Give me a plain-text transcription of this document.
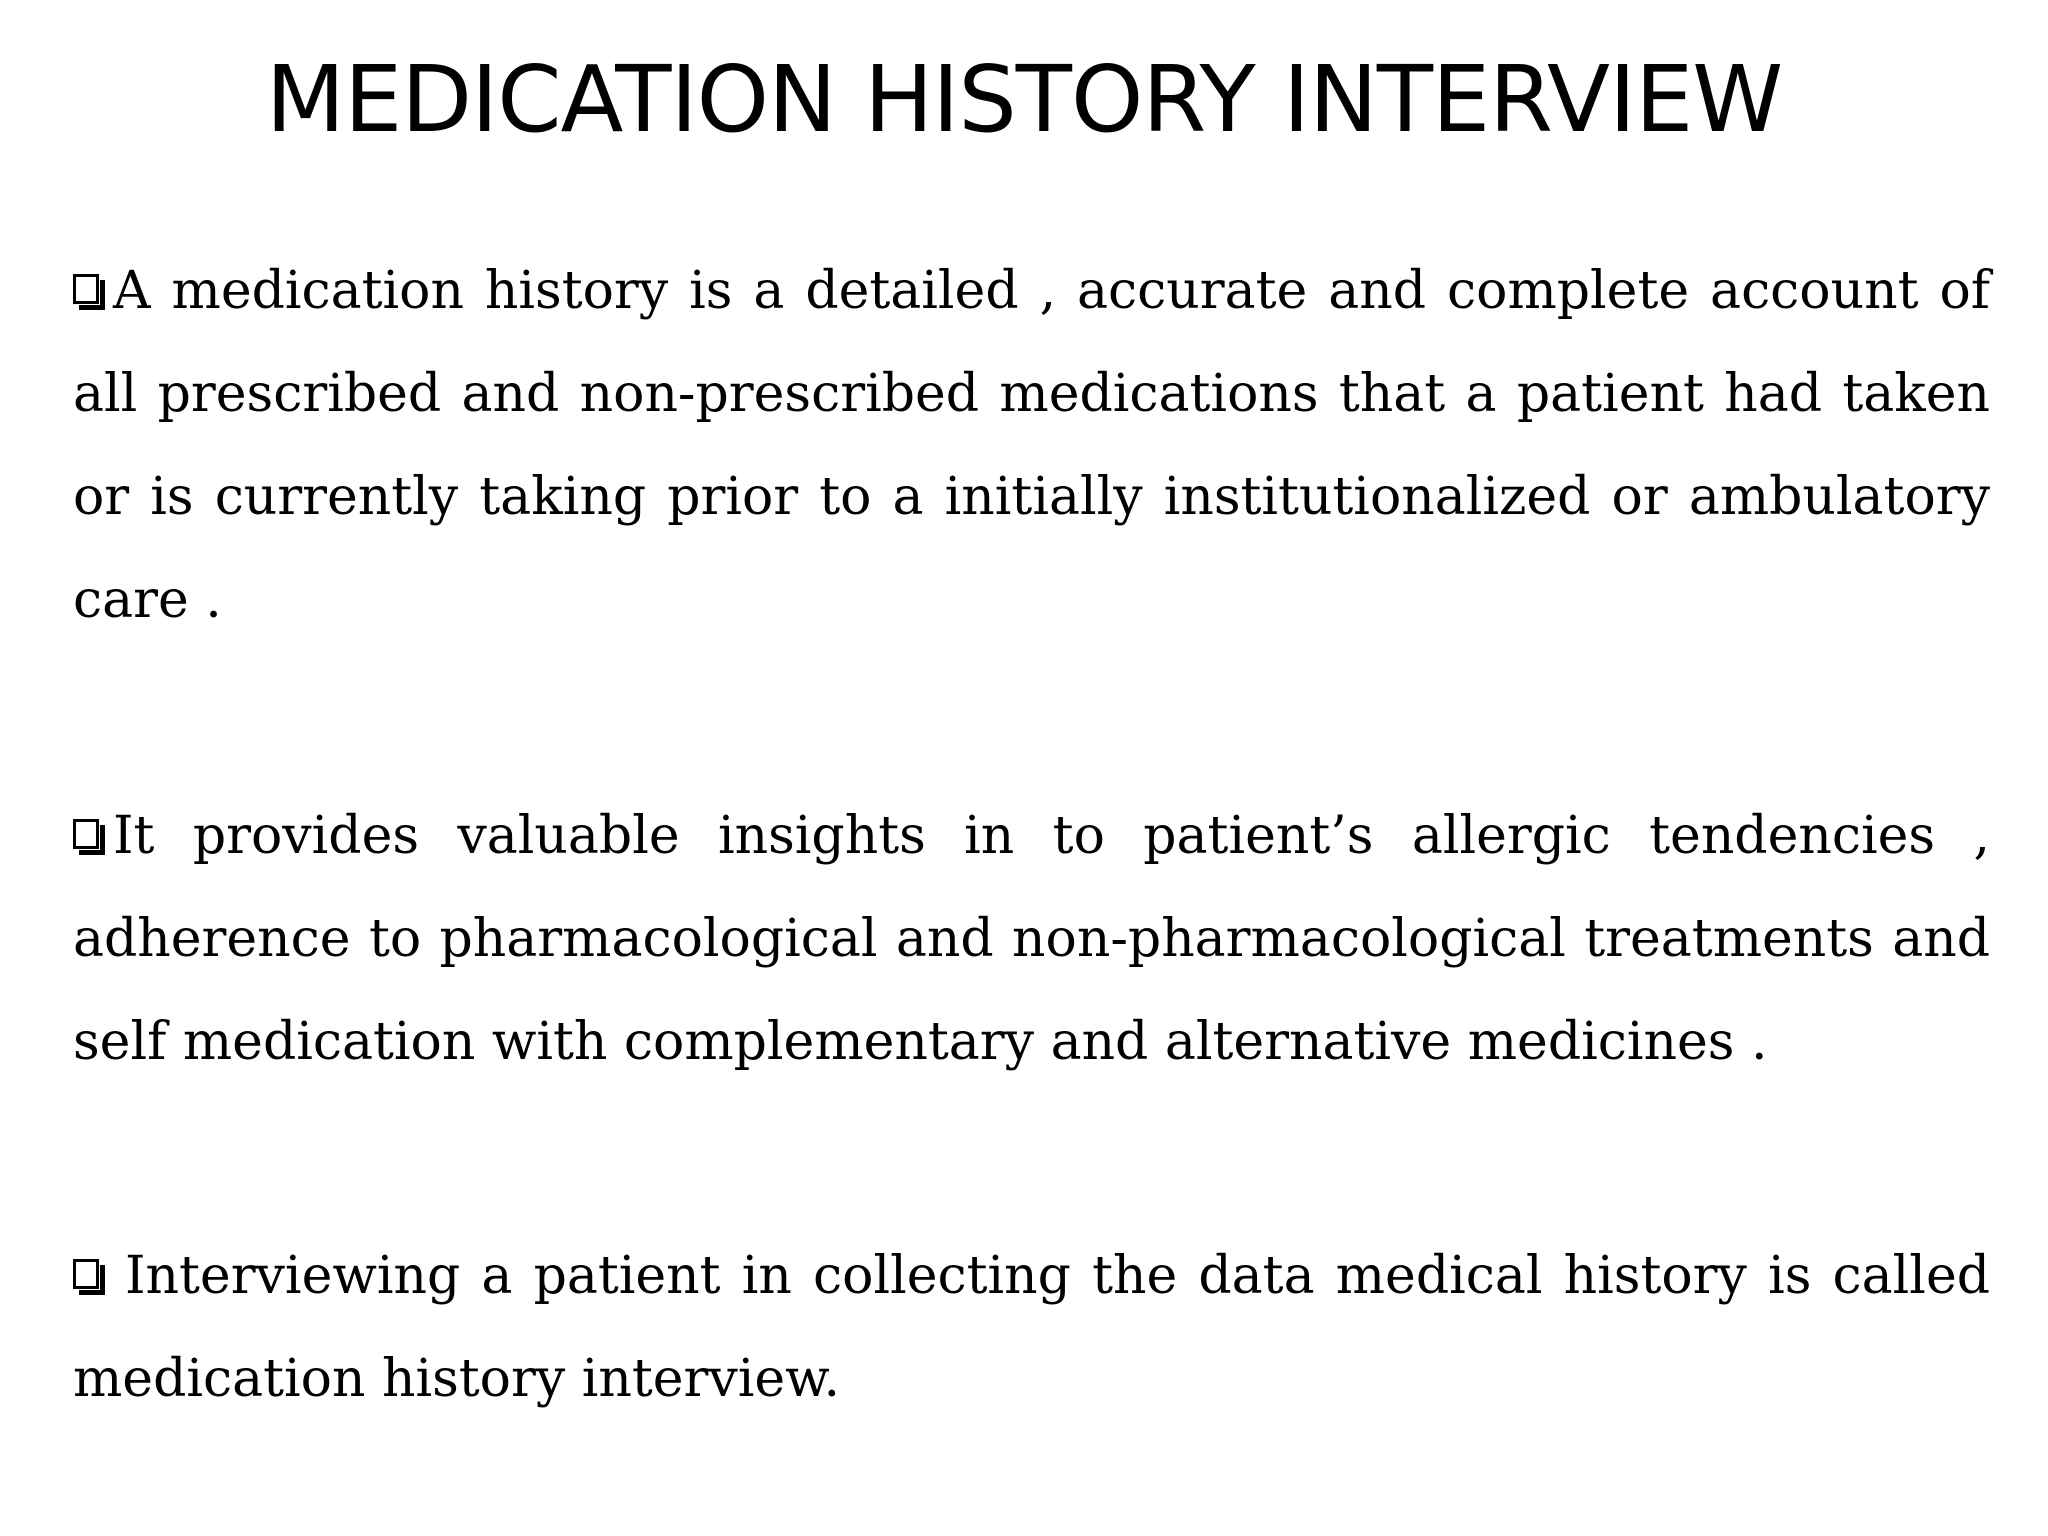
MEDICATION HISTORY INTERVIEW

A medication history is a detailed , accurate and complete account of all prescribed and non-prescribed medications that a patient had taken or is currently taking prior to a initially institutionalized or ambulatory care .

It provides valuable insights in to patient’s allergic tendencies , adherence to pharmacological and non-pharmacological treatments and self medication with complementary and alternative medicines .

Interviewing a patient in collecting the data medical history is called medication history interview.
